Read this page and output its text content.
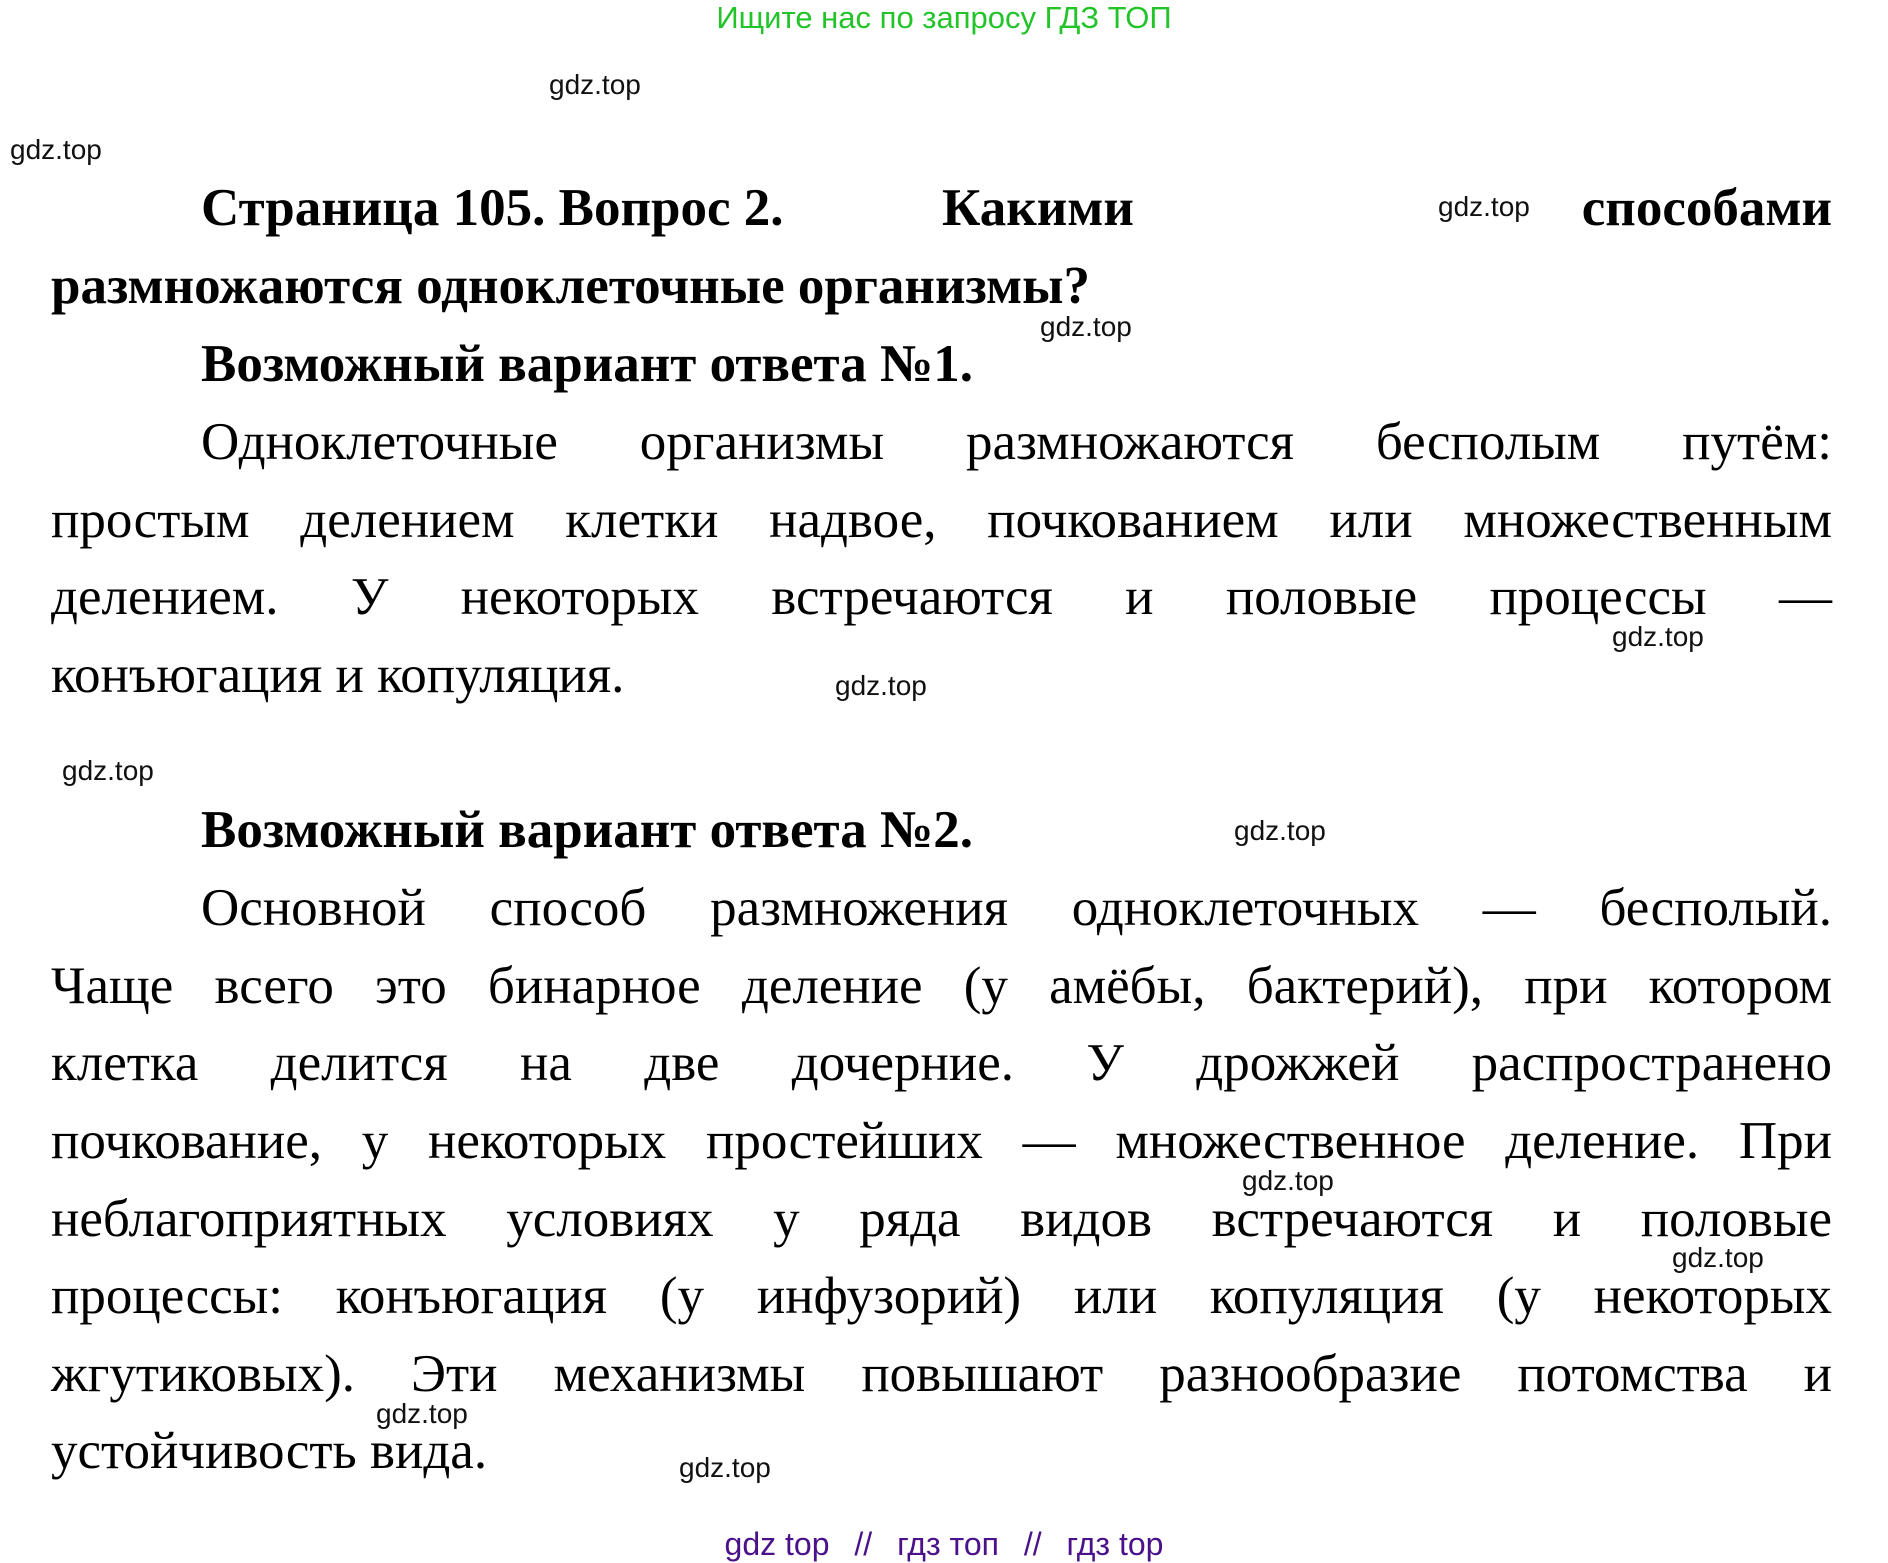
Ищите нас по запросу ГДЗ ТОП
gdz.top
gdz.top
gdz.top
gdz.top
gdz.top
gdz.top
gdz.top
gdz.top
gdz.top
gdz.top
gdz.top
gdz.top
Страница 105. Вопрос 2.	Какими	способами
размножаются одноклеточные организмы?
Возможный вариант ответа №1.
Одноклеточные организмы размножаются бесполым путём:
простым делением клетки надвое, почкованием или множественным
делением. У некоторых встречаются и половые процессы —
конъюгация и копуляция.
Возможный вариант ответа №2.
Основной способ размножения одноклеточных — бесполый.
Чаще всего это бинарное деление (у амёбы, бактерий), при котором
клетка делится на две дочерние. У дрожжей распространено
почкование, у некоторых простейших — множественное деление. При
неблагоприятных условиях у ряда видов встречаются и половые
процессы: конъюгация (у инфузорий) или копуляция (у некоторых
жгутиковых). Эти механизмы повышают разнообразие потомства и
устойчивость вида.
gdz top // гдз топ // гдз top
